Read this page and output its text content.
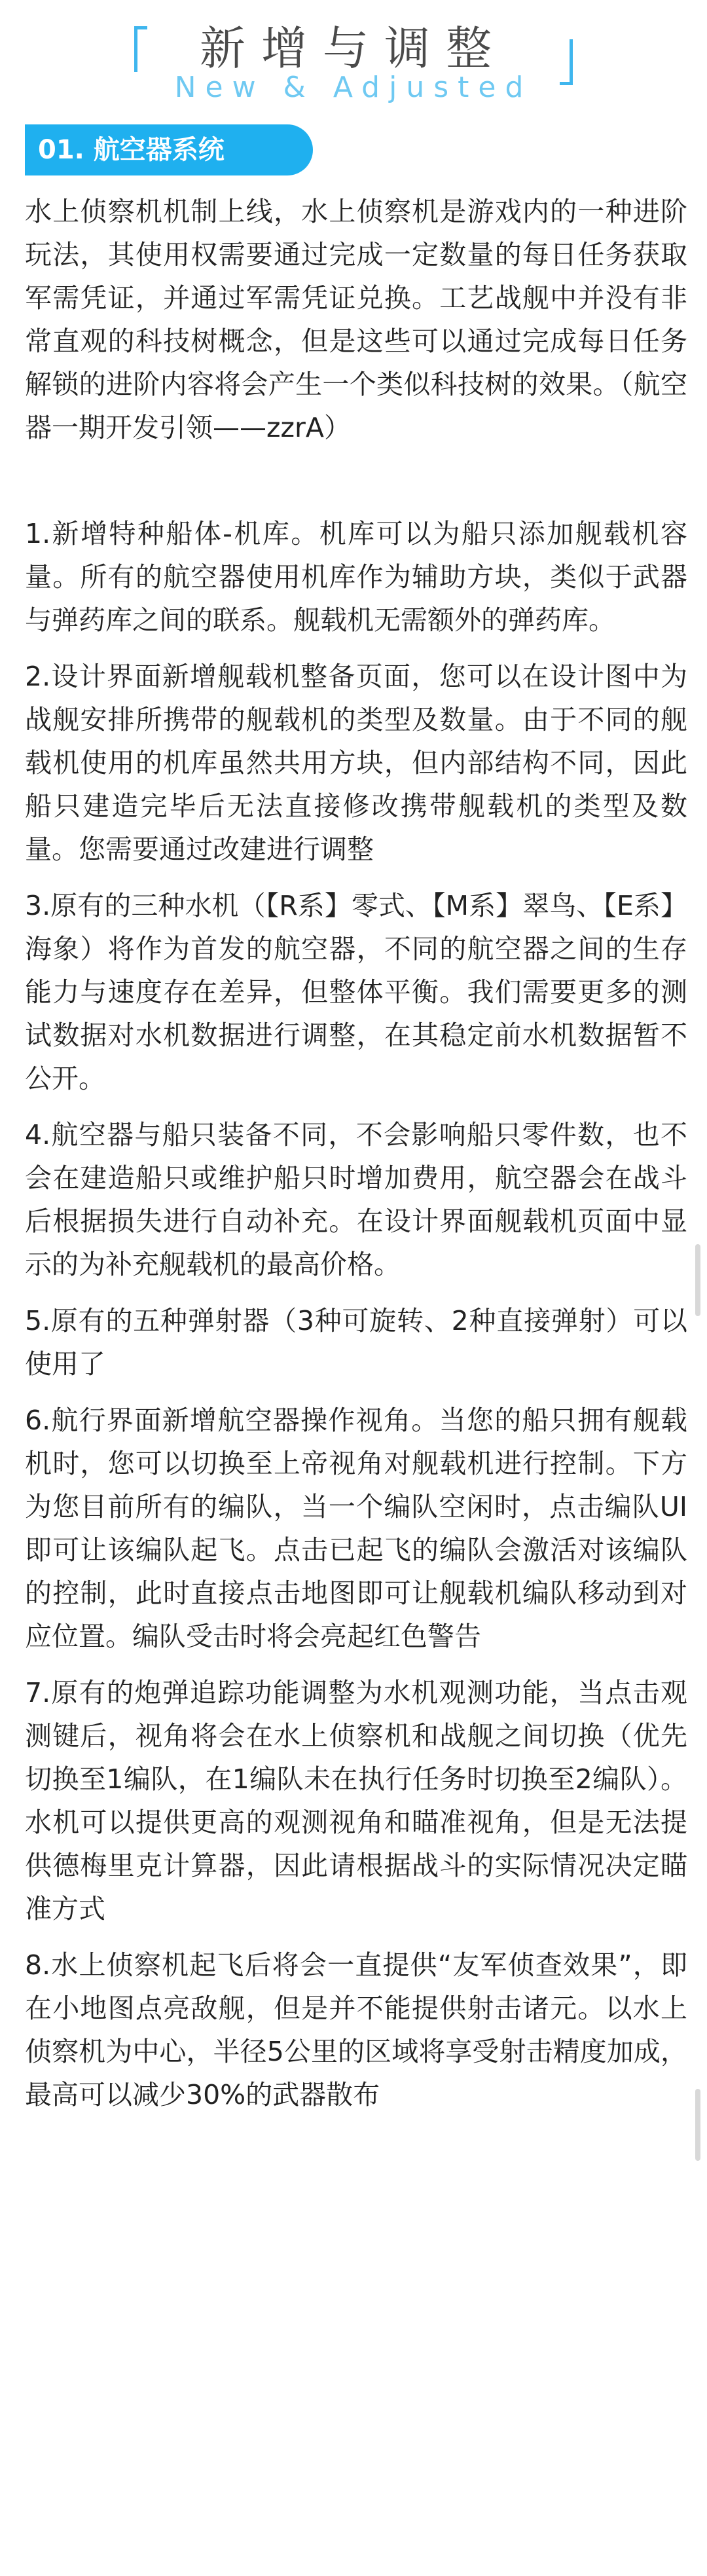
新增与调整
New & Adjusted
01. 航空器系统

水上侦察机机制上线，水上侦察机是游戏内的一种进阶玩法，其使用权需要通过完成一定数量的每日任务获取军需凭证，并通过军需凭证兑换。工艺战舰中并没有非常直观的科技树概念，但是这些可以通过完成每日任务解锁的进阶内容将会产生一个类似科技树的效果。（航空器一期开发引领——zzrA）

1.新增特种船体-机库。机库可以为船只添加舰载机容量。所有的航空器使用机库作为辅助方块，类似于武器与弹药库之间的联系。舰载机无需额外的弹药库。

2.设计界面新增舰载机整备页面，您可以在设计图中为战舰安排所携带的舰载机的类型及数量。由于不同的舰载机使用的机库虽然共用方块，但内部结构不同，因此船只建造完毕后无法直接修改携带舰载机的类型及数量。您需要通过改建进行调整

3.原有的三种水机（【R系】零式、【M系】翠鸟、【E系】海象）将作为首发的航空器，不同的航空器之间的生存能力与速度存在差异，但整体平衡。我们需要更多的测试数据对水机数据进行调整，在其稳定前水机数据暂不公开。

4.航空器与船只装备不同，不会影响船只零件数，也不会在建造船只或维护船只时增加费用，航空器会在战斗后根据损失进行自动补充。在设计界面舰载机页面中显示的为补充舰载机的最高价格。

5.原有的五种弹射器（3种可旋转、2种直接弹射）可以使用了

6.航行界面新增航空器操作视角。当您的船只拥有舰载机时，您可以切换至上帝视角对舰载机进行控制。下方为您目前所有的编队，当一个编队空闲时，点击编队UI即可让该编队起飞。点击已起飞的编队会激活对该编队的控制，此时直接点击地图即可让舰载机编队移动到对应位置。编队受击时将会亮起红色警告

7.原有的炮弹追踪功能调整为水机观测功能，当点击观测键后，视角将会在水上侦察机和战舰之间切换（优先切换至1编队，在1编队未在执行任务时切换至2编队）。水机可以提供更高的观测视角和瞄准视角，但是无法提供德梅里克计算器，因此请根据战斗的实际情况决定瞄准方式

8.水上侦察机起飞后将会一直提供“友军侦查效果”，即在小地图点亮敌舰，但是并不能提供射击诸元。以水上侦察机为中心，半径5公里的区域将享受射击精度加成，最高可以减少30%的武器散布
